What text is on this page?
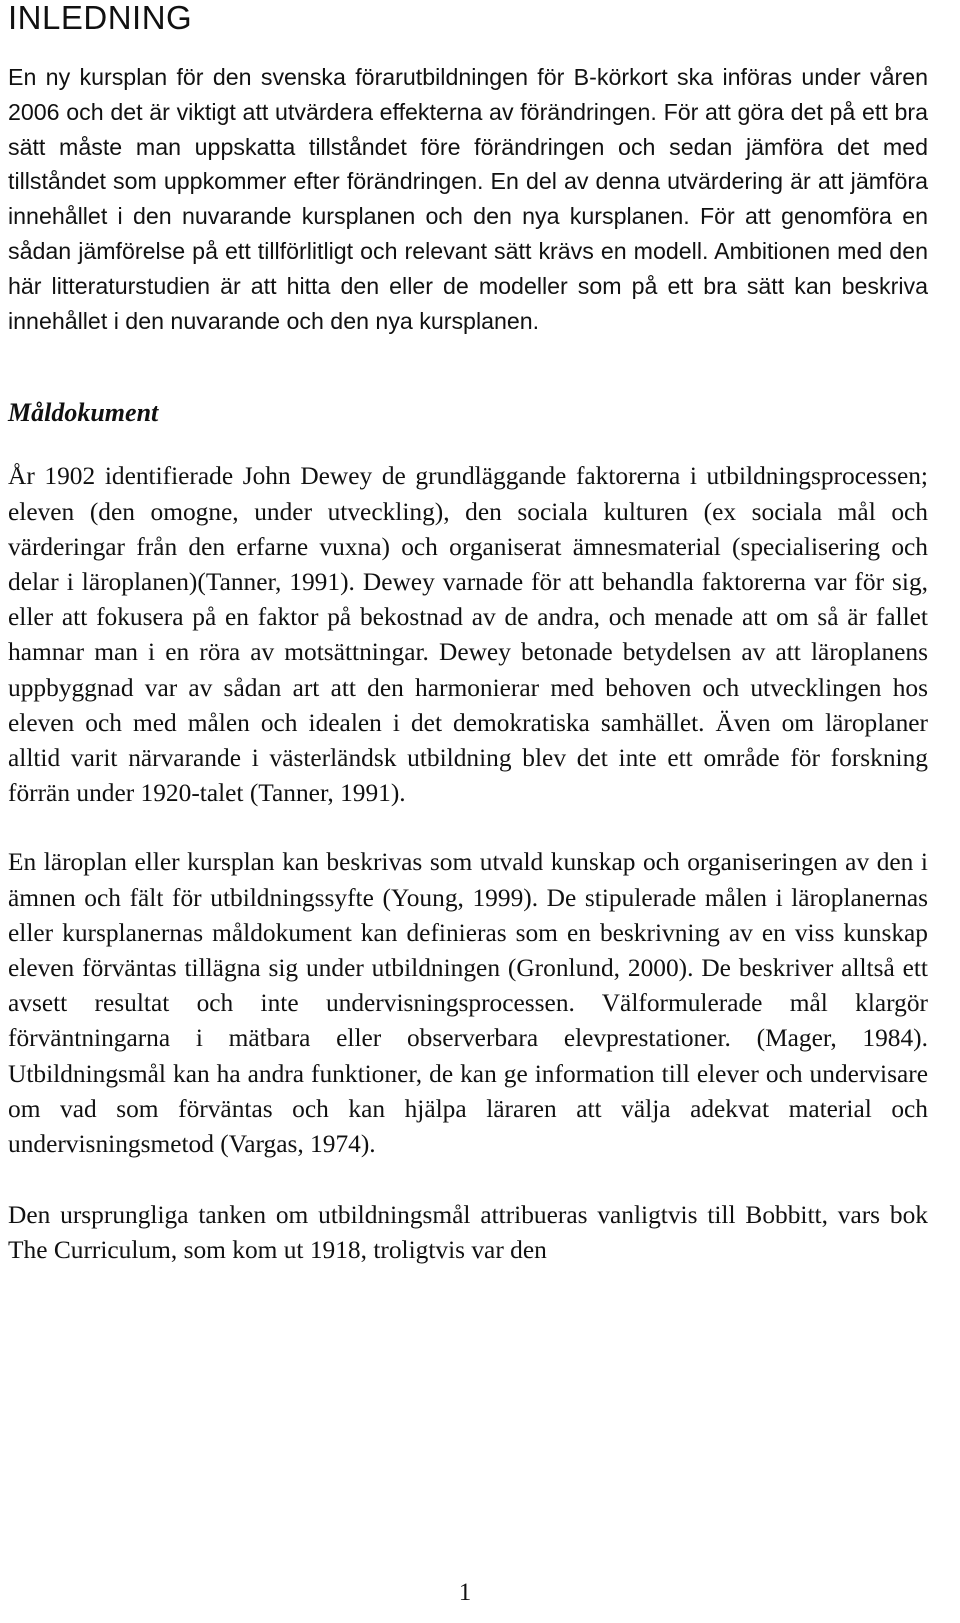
INLEDNING

En ny kursplan för den svenska förarutbildningen för B-körkort ska införas under våren 2006 och det är viktigt att utvärdera effekterna av förändringen. För att göra det på ett bra sätt måste man uppskatta tillståndet före förändringen och sedan jämföra det med tillståndet som uppkommer efter förändringen. En del av denna utvärdering är att jämföra innehållet i den nuvarande kursplanen och den nya kursplanen. För att genomföra en sådan jämförelse på ett tillförlitligt och relevant sätt krävs en modell. Ambitionen med den här litteraturstudien är att hitta den eller de modeller som på ett bra sätt kan beskriva innehållet i den nuvarande och den nya kursplanen.

Måldokument

År 1902 identifierade John Dewey de grundläggande faktorerna i utbildningsprocessen; eleven (den omogne, under utveckling), den sociala kulturen (ex sociala mål och värderingar från den erfarne vuxna) och organiserat ämnesmaterial (specialisering och delar i läroplanen)(Tanner, 1991). Dewey varnade för att behandla faktorerna var för sig, eller att fokusera på en faktor på bekostnad av de andra, och menade att om så är fallet hamnar man i en röra av motsättningar. Dewey betonade betydelsen av att läroplanens uppbyggnad var av sådan art att den harmonierar med behoven och utvecklingen hos eleven och med målen och idealen i det demokratiska samhället. Även om läroplaner alltid varit närvarande i västerländsk utbildning blev det inte ett område för forskning förrän under 1920-talet (Tanner, 1991).

En läroplan eller kursplan kan beskrivas som utvald kunskap och organiseringen av den i ämnen och fält för utbildningssyfte (Young, 1999). De stipulerade målen i läroplanernas eller kursplanernas måldokument kan definieras som en beskrivning av en viss kunskap eleven förväntas tillägna sig under utbildningen (Gronlund, 2000). De beskriver alltså ett avsett resultat och inte undervisningsprocessen. Välformulerade mål klargör förväntningarna i mätbara eller observerbara elevprestationer. (Mager, 1984). Utbildningsmål kan ha andra funktioner, de kan ge information till elever och undervisare om vad som förväntas och kan hjälpa läraren att välja adekvat material och undervisningsmetod (Vargas, 1974).

Den ursprungliga tanken om utbildningsmål attribueras vanligtvis till Bobbitt, vars bok The Curriculum, som kom ut 1918, troligtvis var den

1
